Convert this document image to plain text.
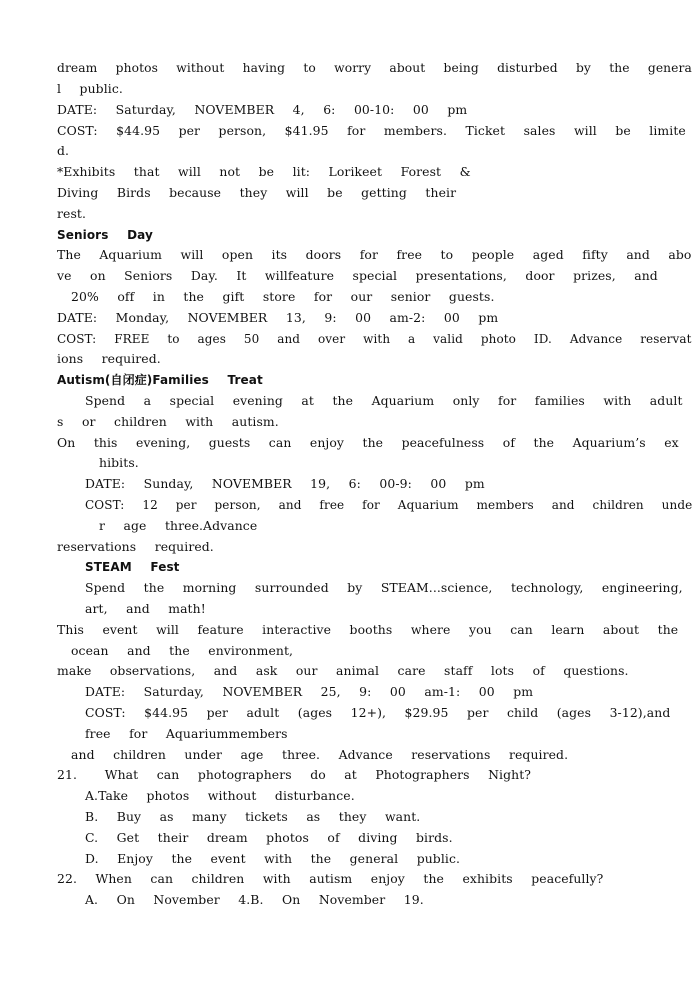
dream  photos  without  having  to  worry  about  being  disturbed  by  the  genera
l  public.
DATE:  Saturday,  NOVEMBER  4,  6:  00-10:  00  pm
COST:  $44.95  per  person,  $41.95  for  members.  Ticket  sales  will  be  limite
d.
*Exhibits  that  will  not  be  lit:  Lorikeet  Forest  &
Diving  Birds  because  they  will  be  getting  their
rest.
Seniors  Day
The  Aquarium  will  open  its  doors  for  free  to  people  aged  fifty  and  abo
ve  on  Seniors  Day.  It  willfeature  special  presentations,  door  prizes,  and
20%  off  in  the  gift  store  for  our  senior  guests.
DATE:  Monday,  NOVEMBER  13,  9:  00  am-2:  00  pm
COST:  FREE  to  ages  50  and  over  with  a  valid  photo  ID.  Advance  reservat
ions  required.
Autism(自闭症)Families  Treat
Spend  a  special  evening  at  the  Aquarium  only  for  families  with  adult
s  or  children  with  autism.
On  this  evening,  guests  can  enjoy  the  peacefulness  of  the  Aquarium’s  ex
hibits.
DATE:  Sunday,  NOVEMBER  19,  6:  00-9:  00  pm
COST:  12  per  person,  and  free  for  Aquarium  members  and  children  unde
r  age  three.Advance
reservations  required.
STEAM  Fest
Spend  the  morning  surrounded  by  STEAM...science,  technology,  engineering,
art,  and  math!
This  event  will  feature  interactive  booths  where  you  can  learn  about  the
ocean  and  the  environment,
make  observations,  and  ask  our  animal  care  staff  lots  of  questions.
DATE:  Saturday,  NOVEMBER  25,  9:  00  am-1:  00  pm
COST:  $44.95  per  adult  (ages  12+),  $29.95  per  child  (ages  3-12),and
free  for  Aquariummembers
and  children  under  age  three.  Advance  reservations  required.
21.   What  can  photographers  do  at  Photographers  Night?
A.Take  photos  without  disturbance.
B.  Buy  as  many  tickets  as  they  want.
C.  Get  their  dream  photos  of  diving  birds.
D.  Enjoy  the  event  with  the  general  public.
22.  When  can  children  with  autism  enjoy  the  exhibits  peacefully?
A.  On  November  4.B.  On  November  19.
